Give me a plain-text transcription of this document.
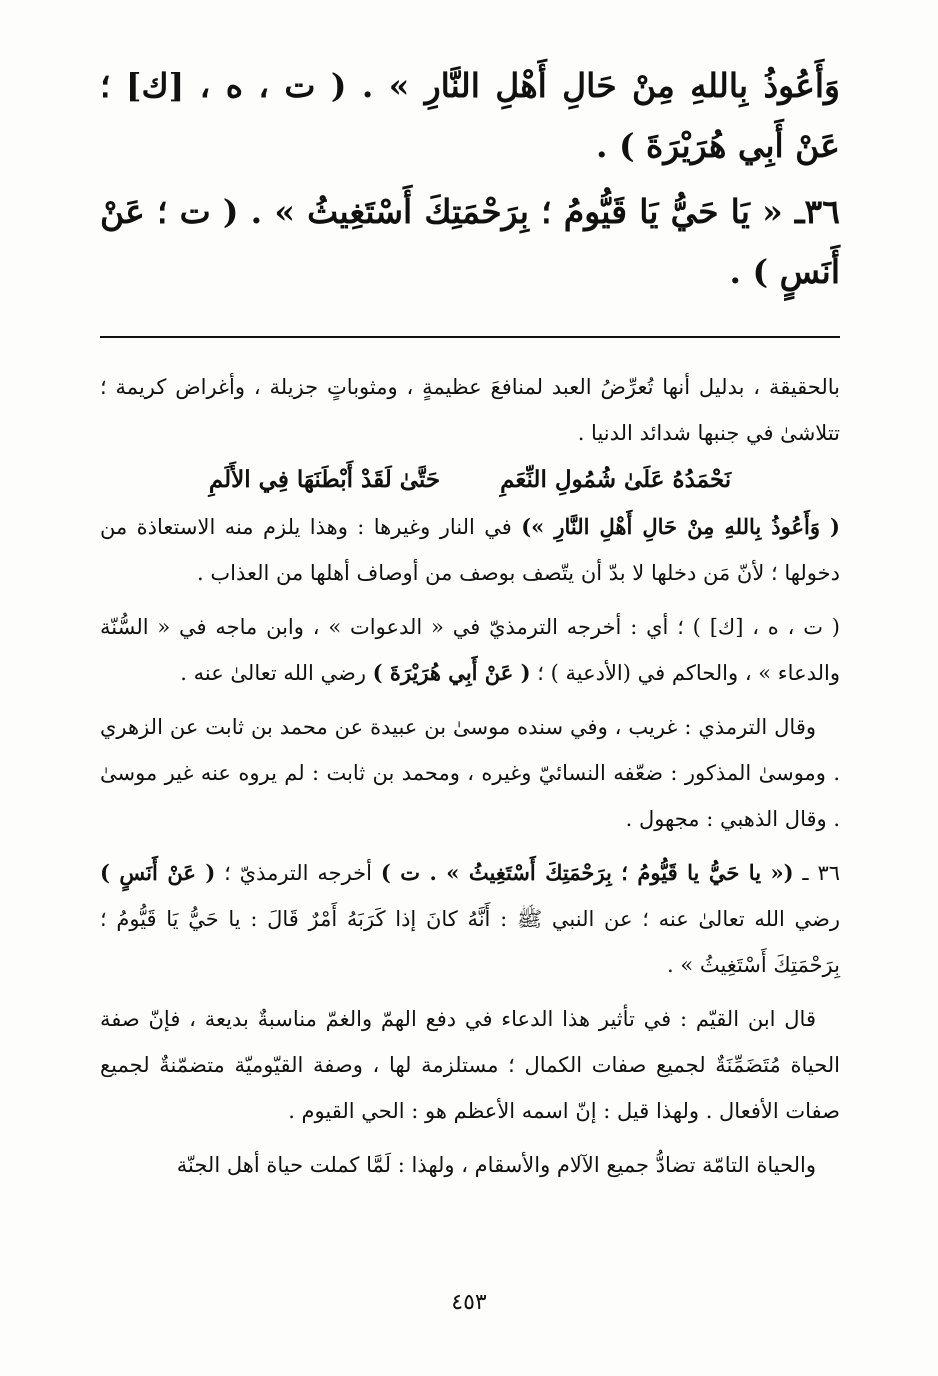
وَأَعُوذُ بِاللهِ مِنْ حَالِ أَهْلِ النَّارِ » . ( ت ، ه ، [ك] ؛ عَنْ أَبِي هُرَيْرَةَ ) .

٣٦ـ « يَا حَيُّ يَا قَيُّومُ ؛ بِرَحْمَتِكَ أَسْتَغِيثُ » . ( ت ؛ عَنْ أَنَسٍ ) .

بالحقيقة ، بدليل أنها تُعرِّضُ العبد لمنافعَ عظيمةٍ ، ومثوباتٍ جزيلة ، وأغراض كريمة ؛ تتلاشىٰ في جنبها شدائد الدنيا .

نَحْمَدُهُ عَلَىٰ شُمُولِ النِّعَمِ
حَتَّىٰ لَقَدْ أَبْطَنَهَا فِي الأَلَمِ

( وَأَعُوذُ بِاللهِ مِنْ حَالِ أَهْلِ النَّارِ ») في النار وغيرها : وهذا يلزم منه الاستعاذة من دخولها ؛ لأنّ مَن دخلها لا بدّ أن يتّصف بوصف من أوصاف أهلها من العذاب .

( ت ، ه ، [ك] ) ؛ أي : أخرجه الترمذيّ في « الدعوات » ، وابن ماجه في « السُّنّة والدعاء » ، والحاكم في (الأدعية ) ؛ ( عَنْ أَبِي هُرَيْرَةَ ) رضي الله تعالىٰ عنه .

وقال الترمذي : غريب ، وفي سنده موسىٰ بن عبيدة عن محمد بن ثابت عن الزهري . وموسىٰ المذكور : ضعّفه النسائيّ وغيره ، ومحمد بن ثابت : لم يروه عنه غير موسىٰ . وقال الذهبي : مجهول .

٣٦ ـ (« يا حَيُّ يا قَيُّومُ ؛ بِرَحْمَتِكَ أَسْتَغِيثُ » . ت ) أخرجه الترمذيّ ؛ ( عَنْ أَنَسٍ ) رضي الله تعالىٰ عنه ؛ عن النبي ﷺ : أَنَّهُ كانَ إذا كَرَبَهُ أَمْرٌ قَالَ : يا حَيُّ يَا قَيُّومُ ؛ بِرَحْمَتِكَ أَسْتَغِيثُ » .

قال ابن القيّم : في تأثير هذا الدعاء في دفع الهمّ والغمّ مناسبةٌ بديعة ، فإنّ صفة الحياة مُتَضَمِّنَةٌ لجميع صفات الكمال ؛ مستلزمة لها ، وصفة القيّوميّة متضمّنةٌ لجميع صفات الأفعال . ولهذا قيل : إنّ اسمه الأعظم هو : الحي القيوم .

والحياة التامّة تضادُّ جميع الآلام والأسقام ، ولهذا : لَمَّا كملت حياة أهل الجنّة

٤٥٣
